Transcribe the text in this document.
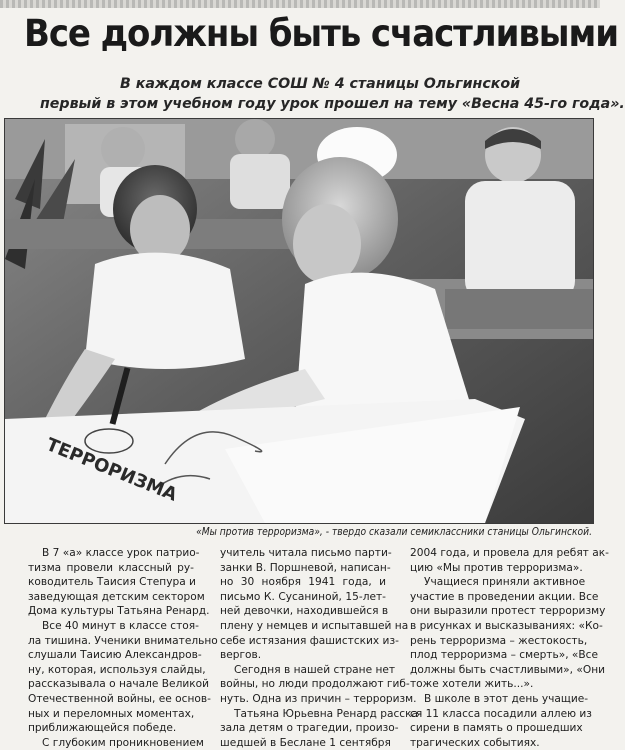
Все должны быть счастливыми
В каждом классе СОШ № 4 станицы Ольгинской
первый в этом учебном году урок прошел на тему «Весна 45-го года».
ТЕРРОРИЗМА
«Мы против терроризма», - твердо сказали семиклассники станицы Ольгинской.
В 7 «а» классе урок патрио-
тизма провели классный ру-
ководитель Таисия Степура и
заведующая детским сектором
Дома культуры Татьяна Ренард.
Все 40 минут в классе стоя-
ла тишина. Ученики внимательно
слушали Таисию Александров-
ну, которая, используя слайды,
рассказывала о начале Великой
Отечественной войны, ее основ-
ных и переломных моментах,
приближающейся победе.
С глубоким проникновением
учитель читала письмо парти-
занки В. Поршневой, написан-
но 30 ноября 1941 года, и
письмо К. Сусаниной, 15-лет-
ней девочки, находившейся в
плену у немцев и испытавшей на
себе истязания фашистских из-
вергов.
Сегодня в нашей стране нет
войны, но люди продолжают гиб-
нуть. Одна из причин – терроризм.
Татьяна Юрьевна Ренард расска-
зала детям о трагедии, произо-
шедшей в Беслане 1 сентября
2004 года, и провела для ребят ак-
цию «Мы против терроризма».
Учащиеся приняли активное
участие в проведении акции. Все
они выразили протест терроризму
в рисунках и высказываниях: «Ко-
рень терроризма – жестокость,
плод терроризма – смерть», «Все
должны быть счастливыми», «Они
тоже хотели жить...».
В школе в этот день учащие-
ся 11 класса посадили аллею из
сирени в память о прошедших
трагических событиях.
